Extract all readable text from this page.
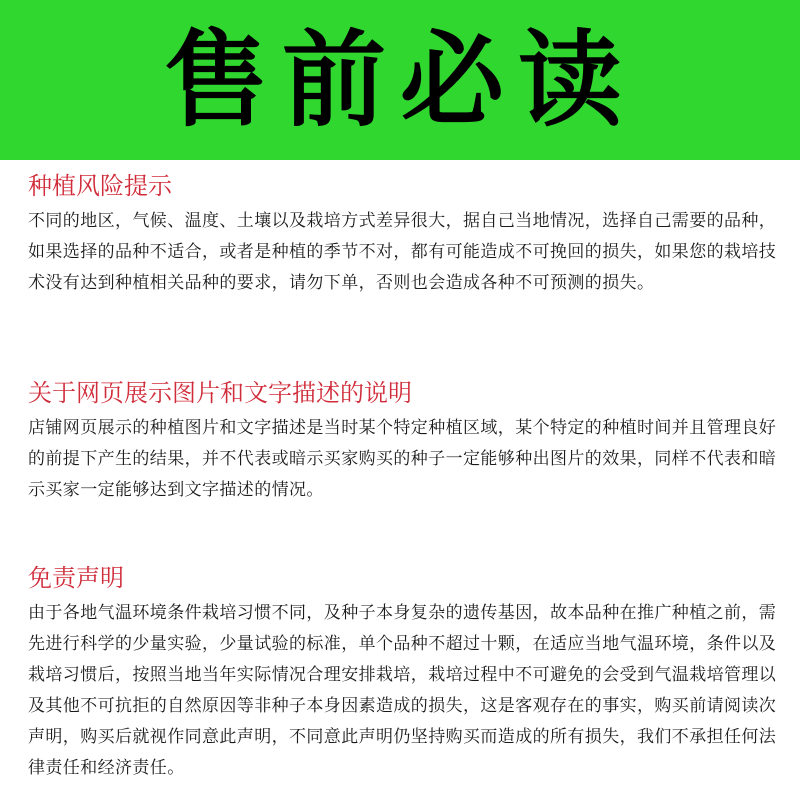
售前必读
种植风险提示

不同的地区，气候、温度、土壤以及栽培方式差异很大，据自己当地情况，选择自己需要的品种，如果选择的品种不适合，或者是种植的季节不对，都有可能造成不可挽回的损失，如果您的栽培技术没有达到种植相关品种的要求，请勿下单，否则也会造成各种不可预测的损失。

关于网页展示图片和文字描述的说明

店铺网页展示的种植图片和文字描述是当时某个特定种植区域，某个特定的种植时间并且管理良好的前提下产生的结果，并不代表或暗示买家购买的种子一定能够种出图片的效果，同样不代表和暗示买家一定能够达到文字描述的情况。

免责声明

由于各地气温环境条件栽培习惯不同，及种子本身复杂的遗传基因，故本品种在推广种植之前，需先进行科学的少量实验，少量试验的标准，单个品种不超过十颗，在适应当地气温环境，条件以及栽培习惯后，按照当地当年实际情况合理安排栽培，栽培过程中不可避免的会受到气温栽培管理以及其他不可抗拒的自然原因等非种子本身因素造成的损失，这是客观存在的事实，购买前请阅读次声明，购买后就视作同意此声明，不同意此声明仍坚持购买而造成的所有损失，我们不承担任何法律责任和经济责任。
